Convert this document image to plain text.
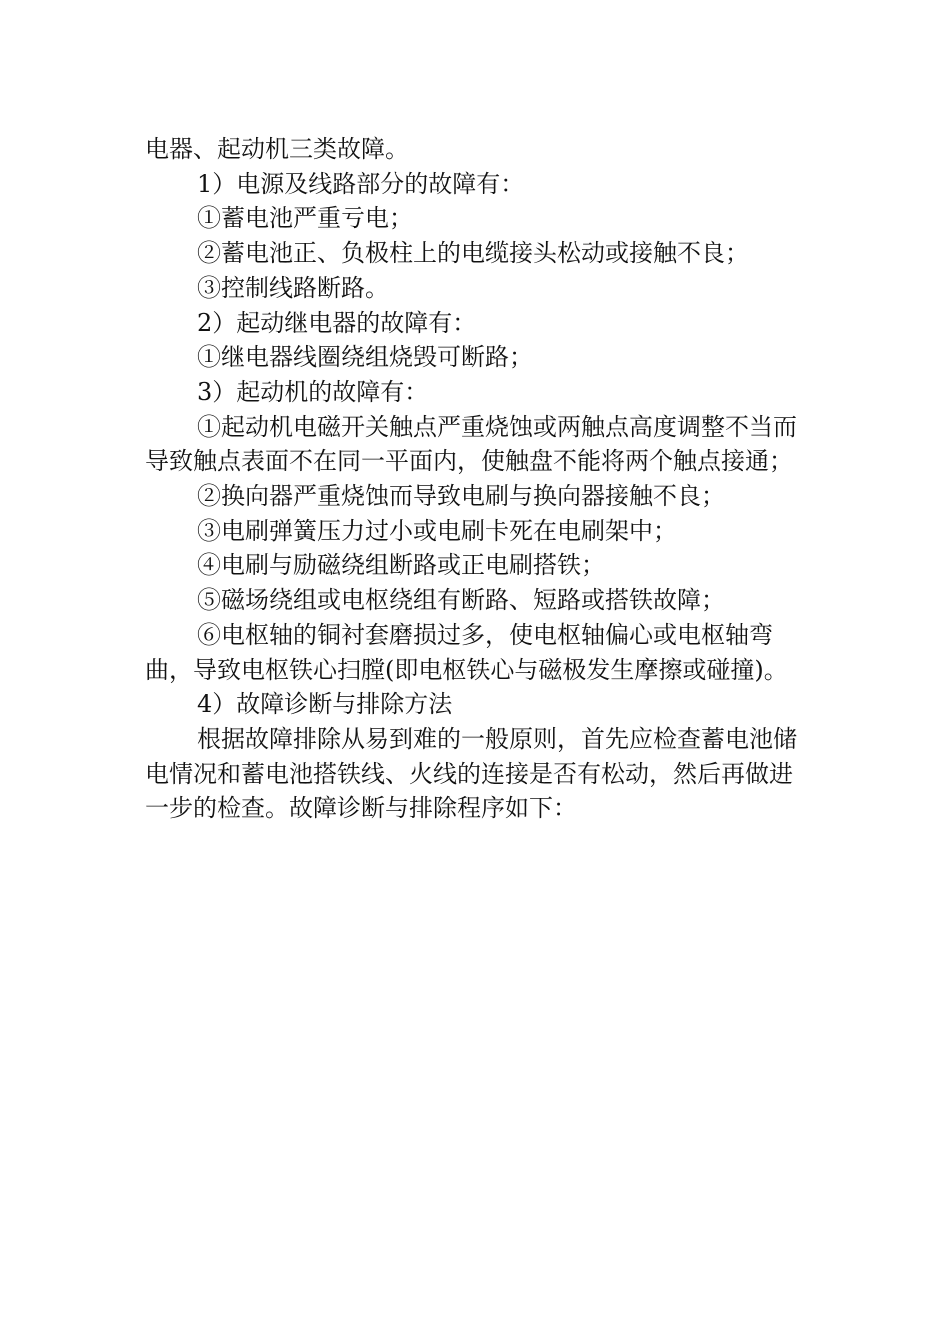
电器、起动机三类故障。

1）电源及线路部分的故障有：

①蓄电池严重亏电；

②蓄电池正、负极柱上的电缆接头松动或接触不良；

③控制线路断路。

2）起动继电器的故障有：

①继电器线圈绕组烧毁可断路；

3）起动机的故障有：

①起动机电磁开关触点严重烧蚀或两触点高度调整不当而导致触点表面不在同一平面内，使触盘不能将两个触点接通；

②换向器严重烧蚀而导致电刷与换向器接触不良；

③电刷弹簧压力过小或电刷卡死在电刷架中；

④电刷与励磁绕组断路或正电刷搭铁；

⑤磁场绕组或电枢绕组有断路、短路或搭铁故障；

⑥电枢轴的铜衬套磨损过多，使电枢轴偏心或电枢轴弯曲，导致电枢铁心扫膛(即电枢铁心与磁极发生摩擦或碰撞)。

4）故障诊断与排除方法

根据故障排除从易到难的一般原则，首先应检查蓄电池储电情况和蓄电池搭铁线、火线的连接是否有松动，然后再做进一步的检查。故障诊断与排除程序如下：
